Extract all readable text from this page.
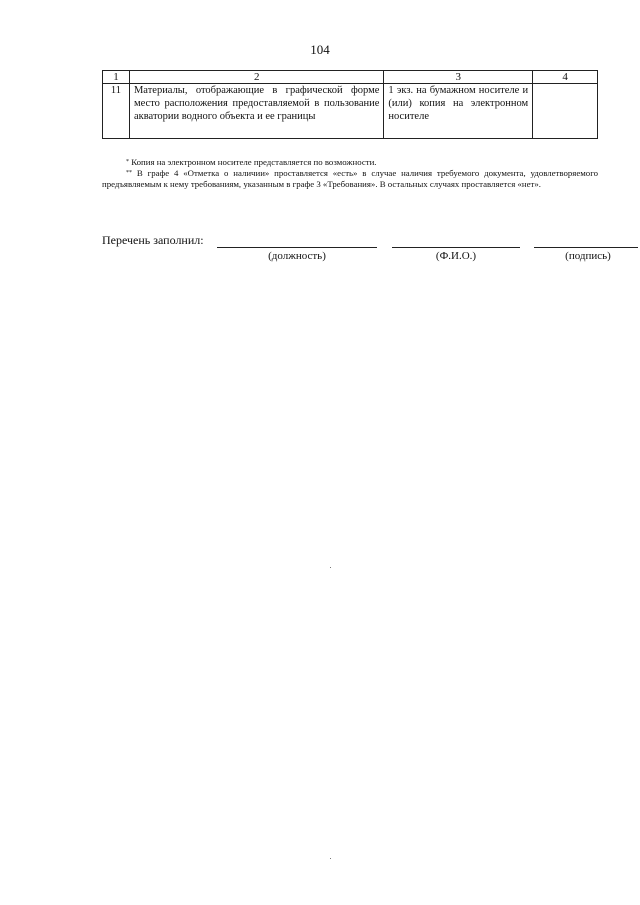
104
1	2	3	4
11	Материалы, отображающие в графической форме место расположения предоставляемой в пользование акватории водного объекта и ее границы	1 экз. на бумажном носителе и (или) копия на электронном носителе	

* Копия на электронном носителе представляется по возможности.

** В графе 4 «Отметка о наличии» проставляется «есть» в случае наличия требуемого документа, удовлетворяемого предъявляемым к нему требованиям, указанным в графе 3 «Требования». В остальных случаях проставляется «нет».

Перечень заполнил:
(должность)	(Ф.И.О.)	(подпись)
